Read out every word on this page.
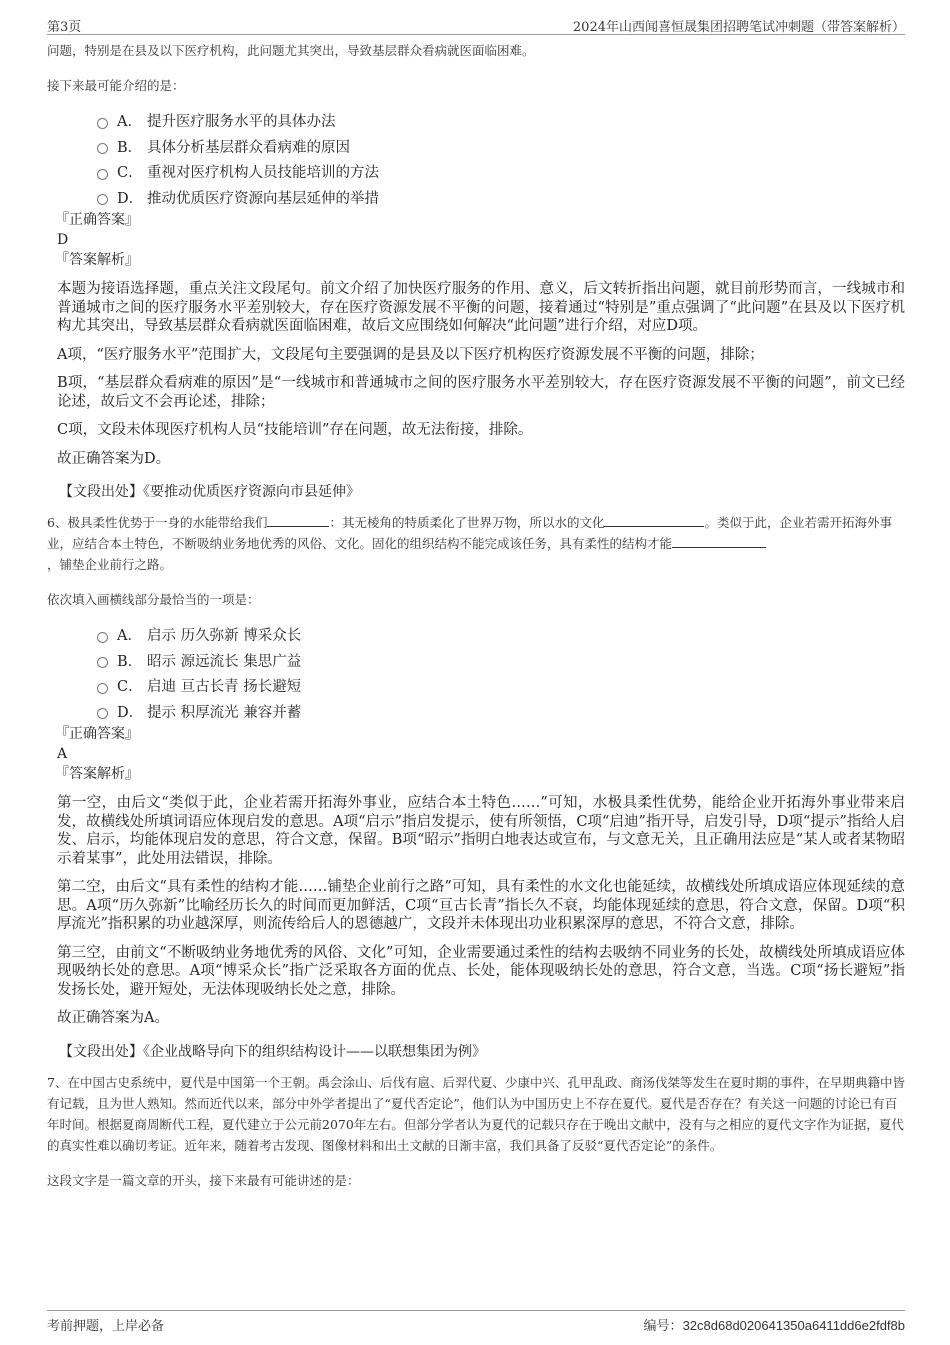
第3页	2024年山西闻喜恒晟集团招聘笔试冲刺题（带答案解析）

问题，特别是在县及以下医疗机构，此问题尤其突出，导致基层群众看病就医面临困难。

接下来最可能介绍的是：

A． 提升医疗服务水平的具体办法
B． 具体分析基层群众看病难的原因
C． 重视对医疗机构人员技能培训的方法
D． 推动优质医疗资源向基层延伸的举措

『正确答案』

D

『答案解析』

本题为接语选择题，重点关注文段尾句。前文介绍了加快医疗服务的作用、意义，后文转折指出问题，就目前形势而言，一线城市和普通城市之间的医疗服务水平差别较大，存在医疗资源发展不平衡的问题，接着通过“特别是”重点强调了“此问题”在县及以下医疗机构尤其突出，导致基层群众看病就医面临困难，故后文应围绕如何解决“此问题”进行介绍，对应D项。

A项，“医疗服务水平”范围扩大，文段尾句主要强调的是县及以下医疗机构医疗资源发展不平衡的问题，排除；

B项，“基层群众看病难的原因”是“一线城市和普通城市之间的医疗服务水平差别较大，存在医疗资源发展不平衡的问题”，前文已经论述，故后文不会再论述，排除；

C项，文段未体现医疗机构人员“技能培训”存在问题，故无法衔接，排除。

故正确答案为D。

【文段出处】《要推动优质医疗资源向市县延伸》

6、极具柔性优势于一身的水能带给我们	：其无棱角的特质柔化了世界万物，所以水的文化	。类似于此，企业若需开拓海外事业，应结合本土特色，不断吸纳业务地优秀的风俗、文化。固化的组织结构不能完成该任务，具有柔性的结构才能
，铺垫企业前行之路。

依次填入画横线部分最恰当的一项是：

A． 启示 历久弥新 博采众长
B． 昭示 源远流长 集思广益
C． 启迪 亘古长青 扬长避短
D． 提示 积厚流光 兼容并蓄

『正确答案』

A

『答案解析』

第一空，由后文“类似于此，企业若需开拓海外事业，应结合本土特色……”可知，水极具柔性优势，能给企业开拓海外事业带来启发，故横线处所填词语应体现启发的意思。A项“启示”指启发提示，使有所领悟，C项“启迪”指开导，启发引导，D项“提示”指给人启发、启示，均能体现启发的意思，符合文意，保留。B项“昭示”指明白地表达或宣布，与文意无关，且正确用法应是“某人或者某物昭示着某事”，此处用法错误，排除。

第二空，由后文“具有柔性的结构才能……铺垫企业前行之路”可知，具有柔性的水文化也能延续，故横线处所填成语应体现延续的意思。A项“历久弥新”比喻经历长久的时间而更加鲜活，C项“亘古长青”指长久不衰，均能体现延续的意思，符合文意，保留。D项“积厚流光”指积累的功业越深厚，则流传给后人的恩德越广，文段并未体现出功业积累深厚的意思，不符合文意，排除。

第三空，由前文“不断吸纳业务地优秀的风俗、文化”可知，企业需要通过柔性的结构去吸纳不同业务的长处，故横线处所填成语应体现吸纳长处的意思。A项“博采众长”指广泛采取各方面的优点、长处，能体现吸纳长处的意思，符合文意，当选。C项“扬长避短”指发扬长处，避开短处，无法体现吸纳长处之意，排除。

故正确答案为A。

【文段出处】《企业战略导向下的组织结构设计——以联想集团为例》

7、在中国古史系统中，夏代是中国第一个王朝。禹会涂山、后伐有扈、后羿代夏、少康中兴、孔甲乱政、商汤伐桀等发生在夏时期的事件，在早期典籍中皆有记载，且为世人熟知。然而近代以来，部分中外学者提出了“夏代否定论”，他们认为中国历史上不存在夏代。夏代是否存在？有关这一问题的讨论已有百年时间。根据夏商周断代工程，夏代建立于公元前2070年左右。但部分学者认为夏代的记载只存在于晚出文献中，没有与之相应的夏代文字作为证据，夏代的真实性难以确切考证。近年来，随着考古发现、图像材料和出土文献的日渐丰富，我们具备了反驳“夏代否定论”的条件。

这段文字是一篇文章的开头，接下来最有可能讲述的是：

考前押题，上岸必备	编号：32c8d68d020641350a6411dd6e2fdf8b
